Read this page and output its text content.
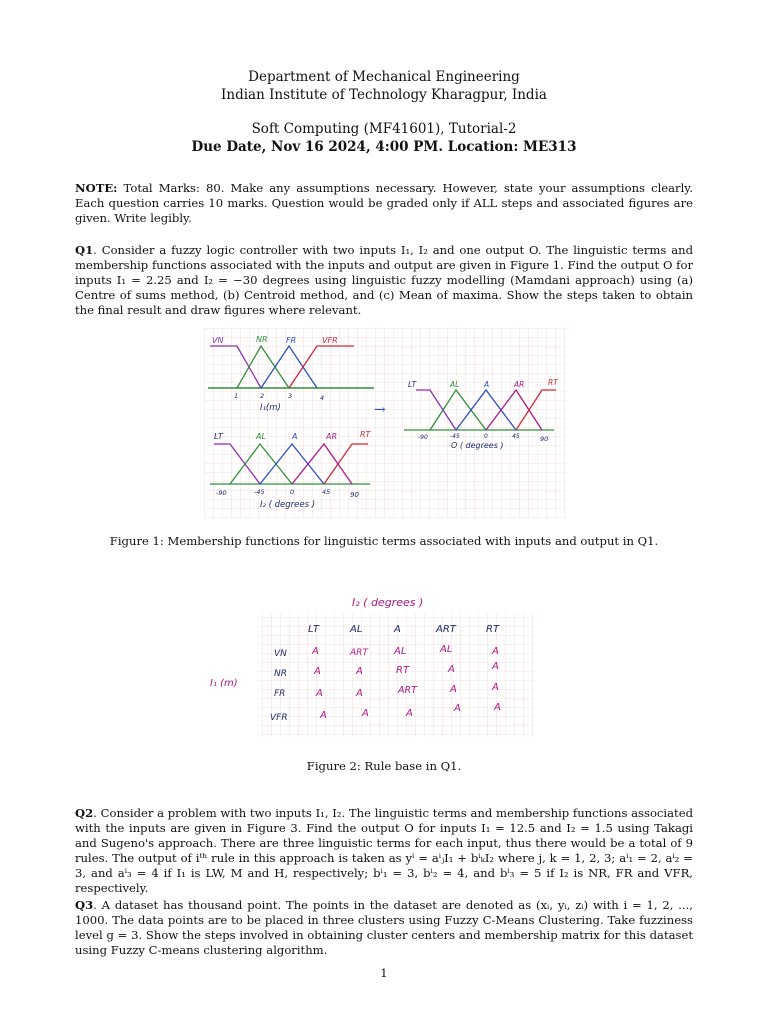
Department of Mechanical Engineering
Indian Institute of Technology Kharagpur, India
Soft Computing (MF41601), Tutorial-2
Due Date, Nov 16 2024, 4:00 PM. Location: ME313
NOTE: Total Marks: 80. Make any assumptions necessary. However, state your assumptions clearly. Each question carries 10 marks. Question would be graded only if ALL steps and associated figures are given. Write legibly.
Q1. Consider a fuzzy logic controller with two inputs I₁, I₂ and one output O. The linguistic terms and membership functions associated with the inputs and output are given in Figure 1. Find the output O for inputs I₁ = 2.25 and I₂ = −30 degrees using linguistic fuzzy modelling (Mamdani approach) using (a) Centre of sums method, (b) Centroid method, and (c) Mean of maxima. Show the steps taken to obtain the final result and draw figures where relevant.
VN	NR FR	VFR
1	2	3	4
I₁(m)	→
LT	AL	A	AR	RT
-90	-45	0	45	90
O ( degrees )
LT	AL	A	AR	RT
-90	-45	0	45	90
I₂ ( degrees )
Figure 1: Membership functions for linguistic terms associated with inputs and output in Q1.
I₂ ( degrees )
I₁ (m)
LT	AL	A	ART	RT
VN	A	ART	AL	AL	A
NR	A	A	RT	A	A
FR	A	A	ART	A	A
VFR	A	A	A	A	A
Figure 2: Rule base in Q1.
Q2. Consider a problem with two inputs I₁, I₂. The linguistic terms and membership functions associated with the inputs are given in Figure 3. Find the output O for inputs I₁ = 12.5 and I₂ = 1.5 using Takagi and Sugeno's approach. There are three linguistic terms for each input, thus there would be a total of 9 rules. The output of iᵗʰ rule in this approach is taken as yⁱ = aⁱⱼI₁ + bⁱₖI₂ where j, k = 1, 2, 3; aⁱ₁ = 2, aⁱ₂ = 3, and aⁱ₃ = 4 if I₁ is LW, M and H, respectively; bⁱ₁ = 3, bⁱ₂ = 4, and bⁱ₃ = 5 if I₂ is NR, FR and VFR, respectively.
Q3. A dataset has thousand point. The points in the dataset are denoted as (xᵢ, yᵢ, zᵢ) with i = 1, 2, ..., 1000. The data points are to be placed in three clusters using Fuzzy C-Means Clustering. Take fuzziness level g = 3. Show the steps involved in obtaining cluster centers and membership matrix for this dataset using Fuzzy C-means clustering algorithm.
1
